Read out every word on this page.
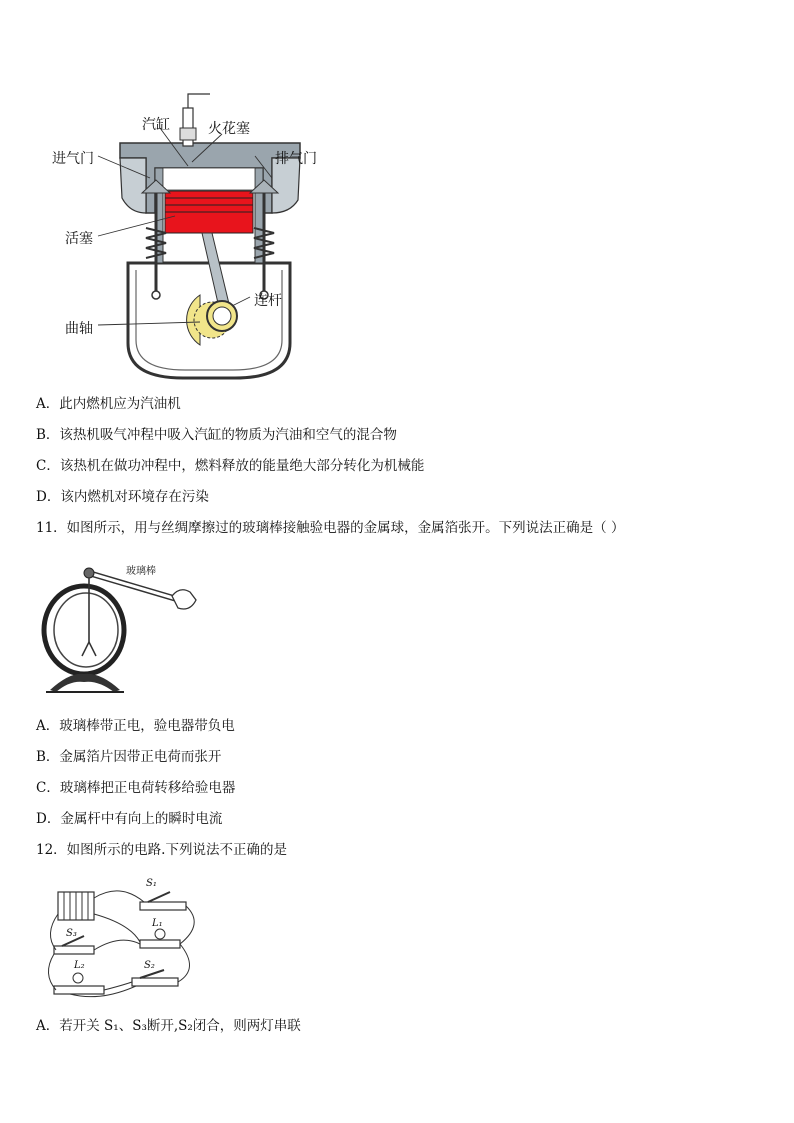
汽缸	火花塞
进气门	排气门
活塞
连杆
曲轴
A．此内燃机应为汽油机
B．该热机吸气冲程中吸入汽缸的物质为汽油和空气的混合物
C．该热机在做功冲程中，燃料释放的能量绝大部分转化为机械能
D．该内燃机对环境存在污染
11．如图所示，用与丝绸摩擦过的玻璃棒接触验电器的金属球，金属箔张开。下列说法正确是（ ）
玻璃棒
A．玻璃棒带正电，验电器带负电
B．金属箔片因带正电荷而张开
C．玻璃棒把正电荷转移给验电器
D．金属杆中有向上的瞬时电流
12．如图所示的电路.下列说法不正确的是
S₁
L₁
S₃
L₂	S₂
A．若开关 S₁、S₃断开,S₂闭合，则两灯串联
